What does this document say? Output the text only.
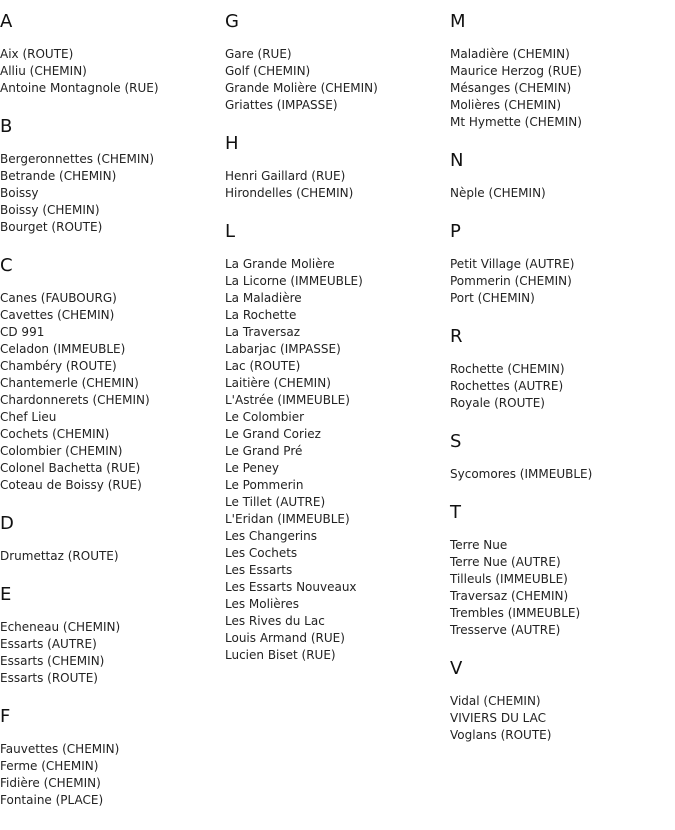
A
Aix (ROUTE)
Alliu (CHEMIN)
Antoine Montagnole (RUE)
B
Bergeronnettes (CHEMIN)
Betrande (CHEMIN)
Boissy
Boissy (CHEMIN)
Bourget (ROUTE)
C
Canes (FAUBOURG)
Cavettes (CHEMIN)
CD 991
Celadon (IMMEUBLE)
Chambéry (ROUTE)
Chantemerle (CHEMIN)
Chardonnerets (CHEMIN)
Chef Lieu
Cochets (CHEMIN)
Colombier (CHEMIN)
Colonel Bachetta (RUE)
Coteau de Boissy (RUE)
D
Drumettaz (ROUTE)
E
Echeneau (CHEMIN)
Essarts (AUTRE)
Essarts (CHEMIN)
Essarts (ROUTE)
F
Fauvettes (CHEMIN)
Ferme (CHEMIN)
Fidière (CHEMIN)
Fontaine (PLACE)
G
Gare (RUE)
Golf (CHEMIN)
Grande Molière (CHEMIN)
Griattes (IMPASSE)
H
Henri Gaillard (RUE)
Hirondelles (CHEMIN)
L
La Grande Molière
La Licorne (IMMEUBLE)
La Maladière
La Rochette
La Traversaz
Labarjac (IMPASSE)
Lac (ROUTE)
Laitière (CHEMIN)
L'Astrée (IMMEUBLE)
Le Colombier
Le Grand Coriez
Le Grand Pré
Le Peney
Le Pommerin
Le Tillet (AUTRE)
L'Eridan (IMMEUBLE)
Les Changerins
Les Cochets
Les Essarts
Les Essarts Nouveaux
Les Molières
Les Rives du Lac
Louis Armand (RUE)
Lucien Biset (RUE)
M
Maladière (CHEMIN)
Maurice Herzog (RUE)
Mésanges (CHEMIN)
Molières (CHEMIN)
Mt Hymette (CHEMIN)
N
Nèple (CHEMIN)
P
Petit Village (AUTRE)
Pommerin (CHEMIN)
Port (CHEMIN)
R
Rochette (CHEMIN)
Rochettes (AUTRE)
Royale (ROUTE)
S
Sycomores (IMMEUBLE)
T
Terre Nue
Terre Nue (AUTRE)
Tilleuls (IMMEUBLE)
Traversaz (CHEMIN)
Trembles (IMMEUBLE)
Tresserve (AUTRE)
V
Vidal (CHEMIN)
VIVIERS DU LAC
Voglans (ROUTE)
